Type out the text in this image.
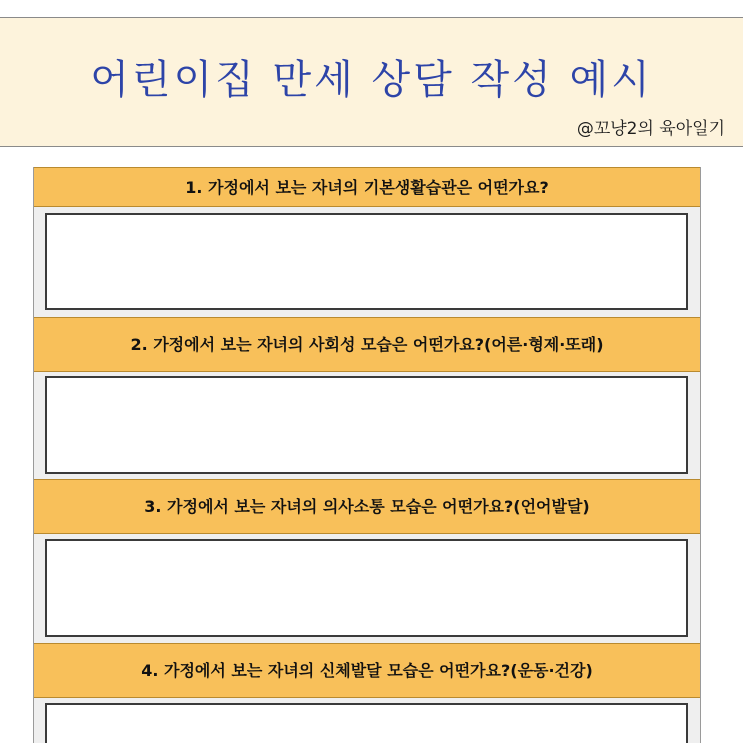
어린이집 만세 상담 작성 예시
@꼬냥2의 육아일기
1. 가정에서 보는 자녀의 기본생활습관은 어떤가요?
2. 가정에서 보는 자녀의 사회성 모습은 어떤가요?(어른·형제·또래)
3. 가정에서 보는 자녀의 의사소통 모습은 어떤가요?(언어발달)
4. 가정에서 보는 자녀의 신체발달 모습은 어떤가요?(운동·건강)
